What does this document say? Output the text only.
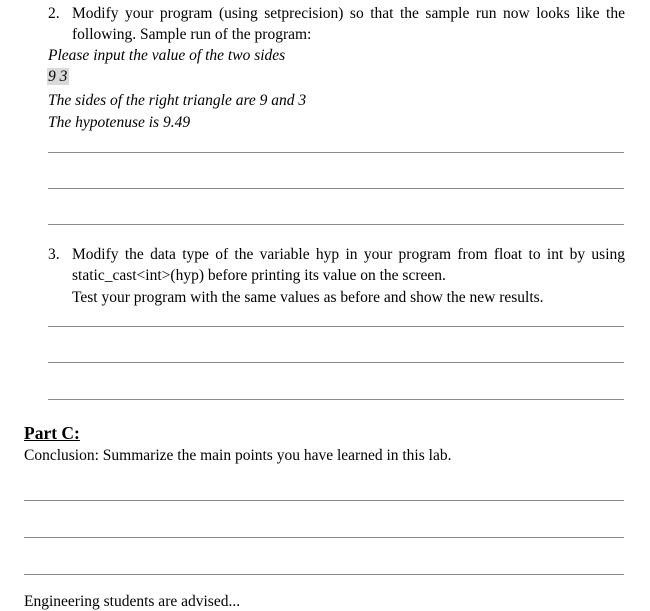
2. Modify your program (using setprecision) so that the sample run now looks like the
following. Sample run of the program:
Please input the value of the two sides
9 3
The sides of the right triangle are 9 and 3
The hypotenuse is 9.49
3. Modify the data type of the variable hyp in your program from float to int by using
static_cast<int>(hyp) before printing its value on the screen.
Test your program with the same values as before and show the new results.
Part C:
Conclusion: Summarize the main points you have learned in this lab.
Engineering students are advised...
